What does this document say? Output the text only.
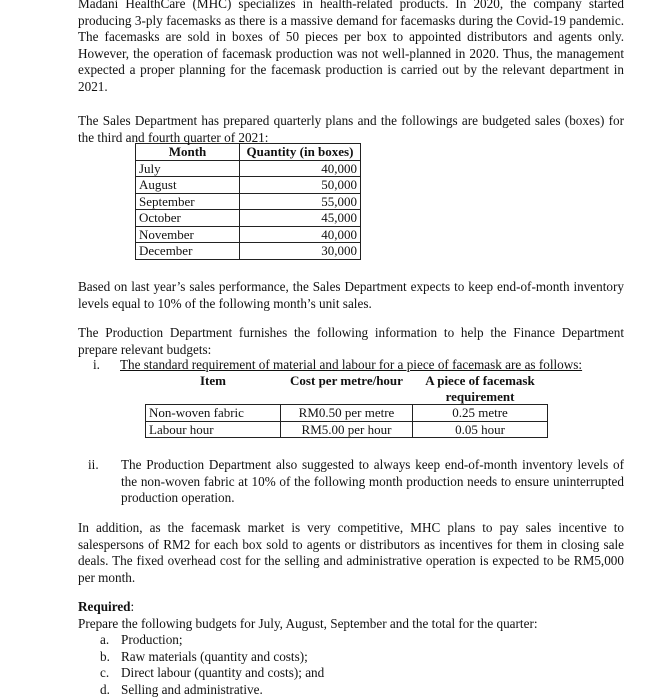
Madani HealthCare (MHC) specializes in health-related products. In 2020, the company started producing 3-ply facemasks as there is a massive demand for facemasks during the Covid-19 pandemic. The facemasks are sold in boxes of 50 pieces per box to appointed distributors and agents only. However, the operation of facemask production was not well-planned in 2020. Thus, the management expected a proper planning for the facemask production is carried out by the relevant department in 2021.

The Sales Department has prepared quarterly plans and the followings are budgeted sales (boxes) for the third and fourth quarter of 2021:

Month	Quantity (in boxes)
July	40,000
August	50,000
September	55,000
October	45,000
November	40,000
December	30,000

Based on last year’s sales performance, the Sales Department expects to keep end-of-month inventory levels equal to 10% of the following month’s unit sales.

The Production Department furnishes the following information to help the Finance Department prepare relevant budgets:

i.	The standard requirement of material and labour for a piece of facemask are as follows:
Item	Cost per metre/hour	A piece of facemask requirement
Non-woven fabric	RM0.50 per metre	0.25 metre
Labour hour	RM5.00 per hour	0.05 hour
ii. The Production Department also suggested to always keep end-of-month inventory levels of the non-woven fabric at 10% of the following month production needs to ensure uninterrupted production operation.

In addition, as the facemask market is very competitive, MHC plans to pay sales incentive to salespersons of RM2 for each box sold to agents or distributors as incentives for them in closing sale deals. The fixed overhead cost for the selling and administrative operation is expected to be RM5,000 per month.

Required:
Prepare the following budgets for July, August, September and the total for the quarter:
a. Production;
b. Raw materials (quantity and costs);
c. Direct labour (quantity and costs); and
d. Selling and administrative.
